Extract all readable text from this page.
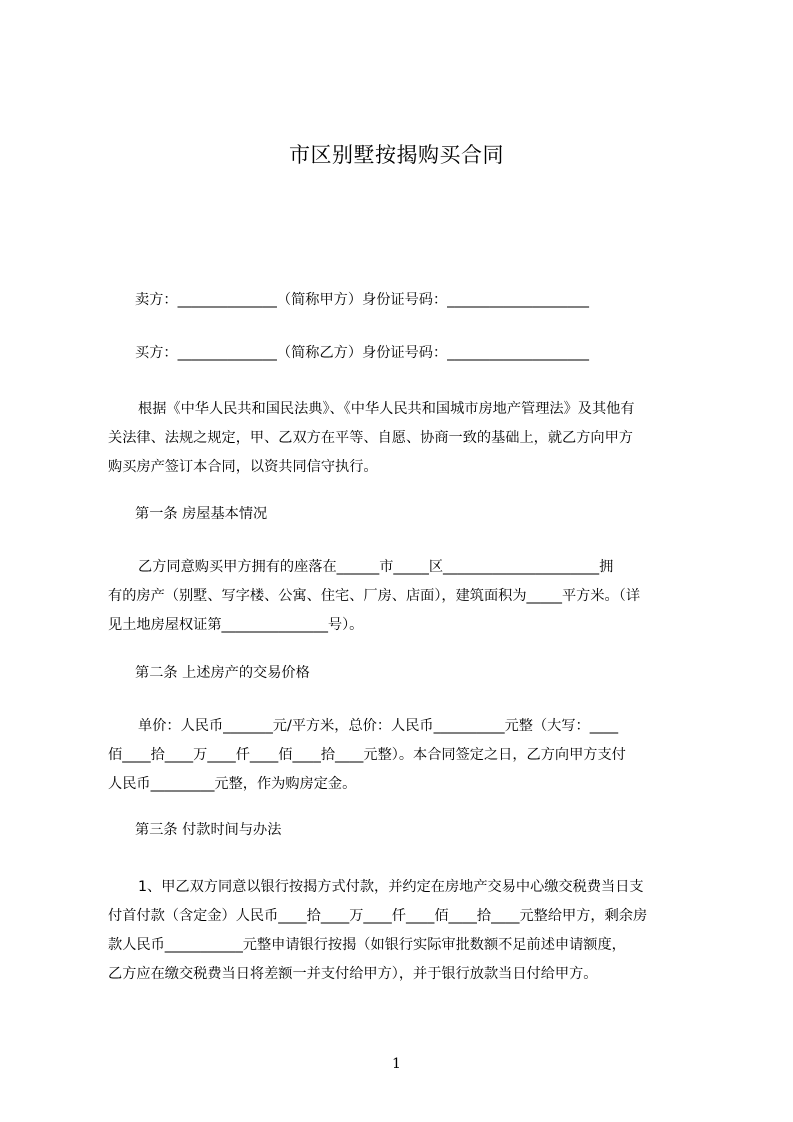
市区别墅按揭购买合同
卖方：______________（简称甲方）身份证号码：____________________
买方：______________（简称乙方）身份证号码：____________________
根据《中华人民共和国民法典》、《中华人民共和国城市房地产管理法》及其他有
关法律、法规之规定，甲、乙双方在平等、自愿、协商一致的基础上，就乙方向甲方
购买房产签订本合同，以资共同信守执行。
第一条 房屋基本情况
乙方同意购买甲方拥有的座落在______市_____区______________________拥
有的房产（别墅、写字楼、公寓、住宅、厂房、店面），建筑面积为_____平方米。（详
见土地房屋权证第_______________号）。
第二条 上述房产的交易价格
单价：人民币_______元/平方米，总价：人民币__________元整（大写：____
佰____拾____万____仟____佰____拾____元整）。本合同签定之日，乙方向甲方支付
人民币_________元整，作为购房定金。
第三条 付款时间与办法
1、甲乙双方同意以银行按揭方式付款，并约定在房地产交易中心缴交税费当日支
付首付款（含定金）人民币____拾____万____仟____佰____拾____元整给甲方，剩余房
款人民币___________元整申请银行按揭（如银行实际审批数额不足前述申请额度，
乙方应在缴交税费当日将差额一并支付给甲方），并于银行放款当日付给甲方。
1
